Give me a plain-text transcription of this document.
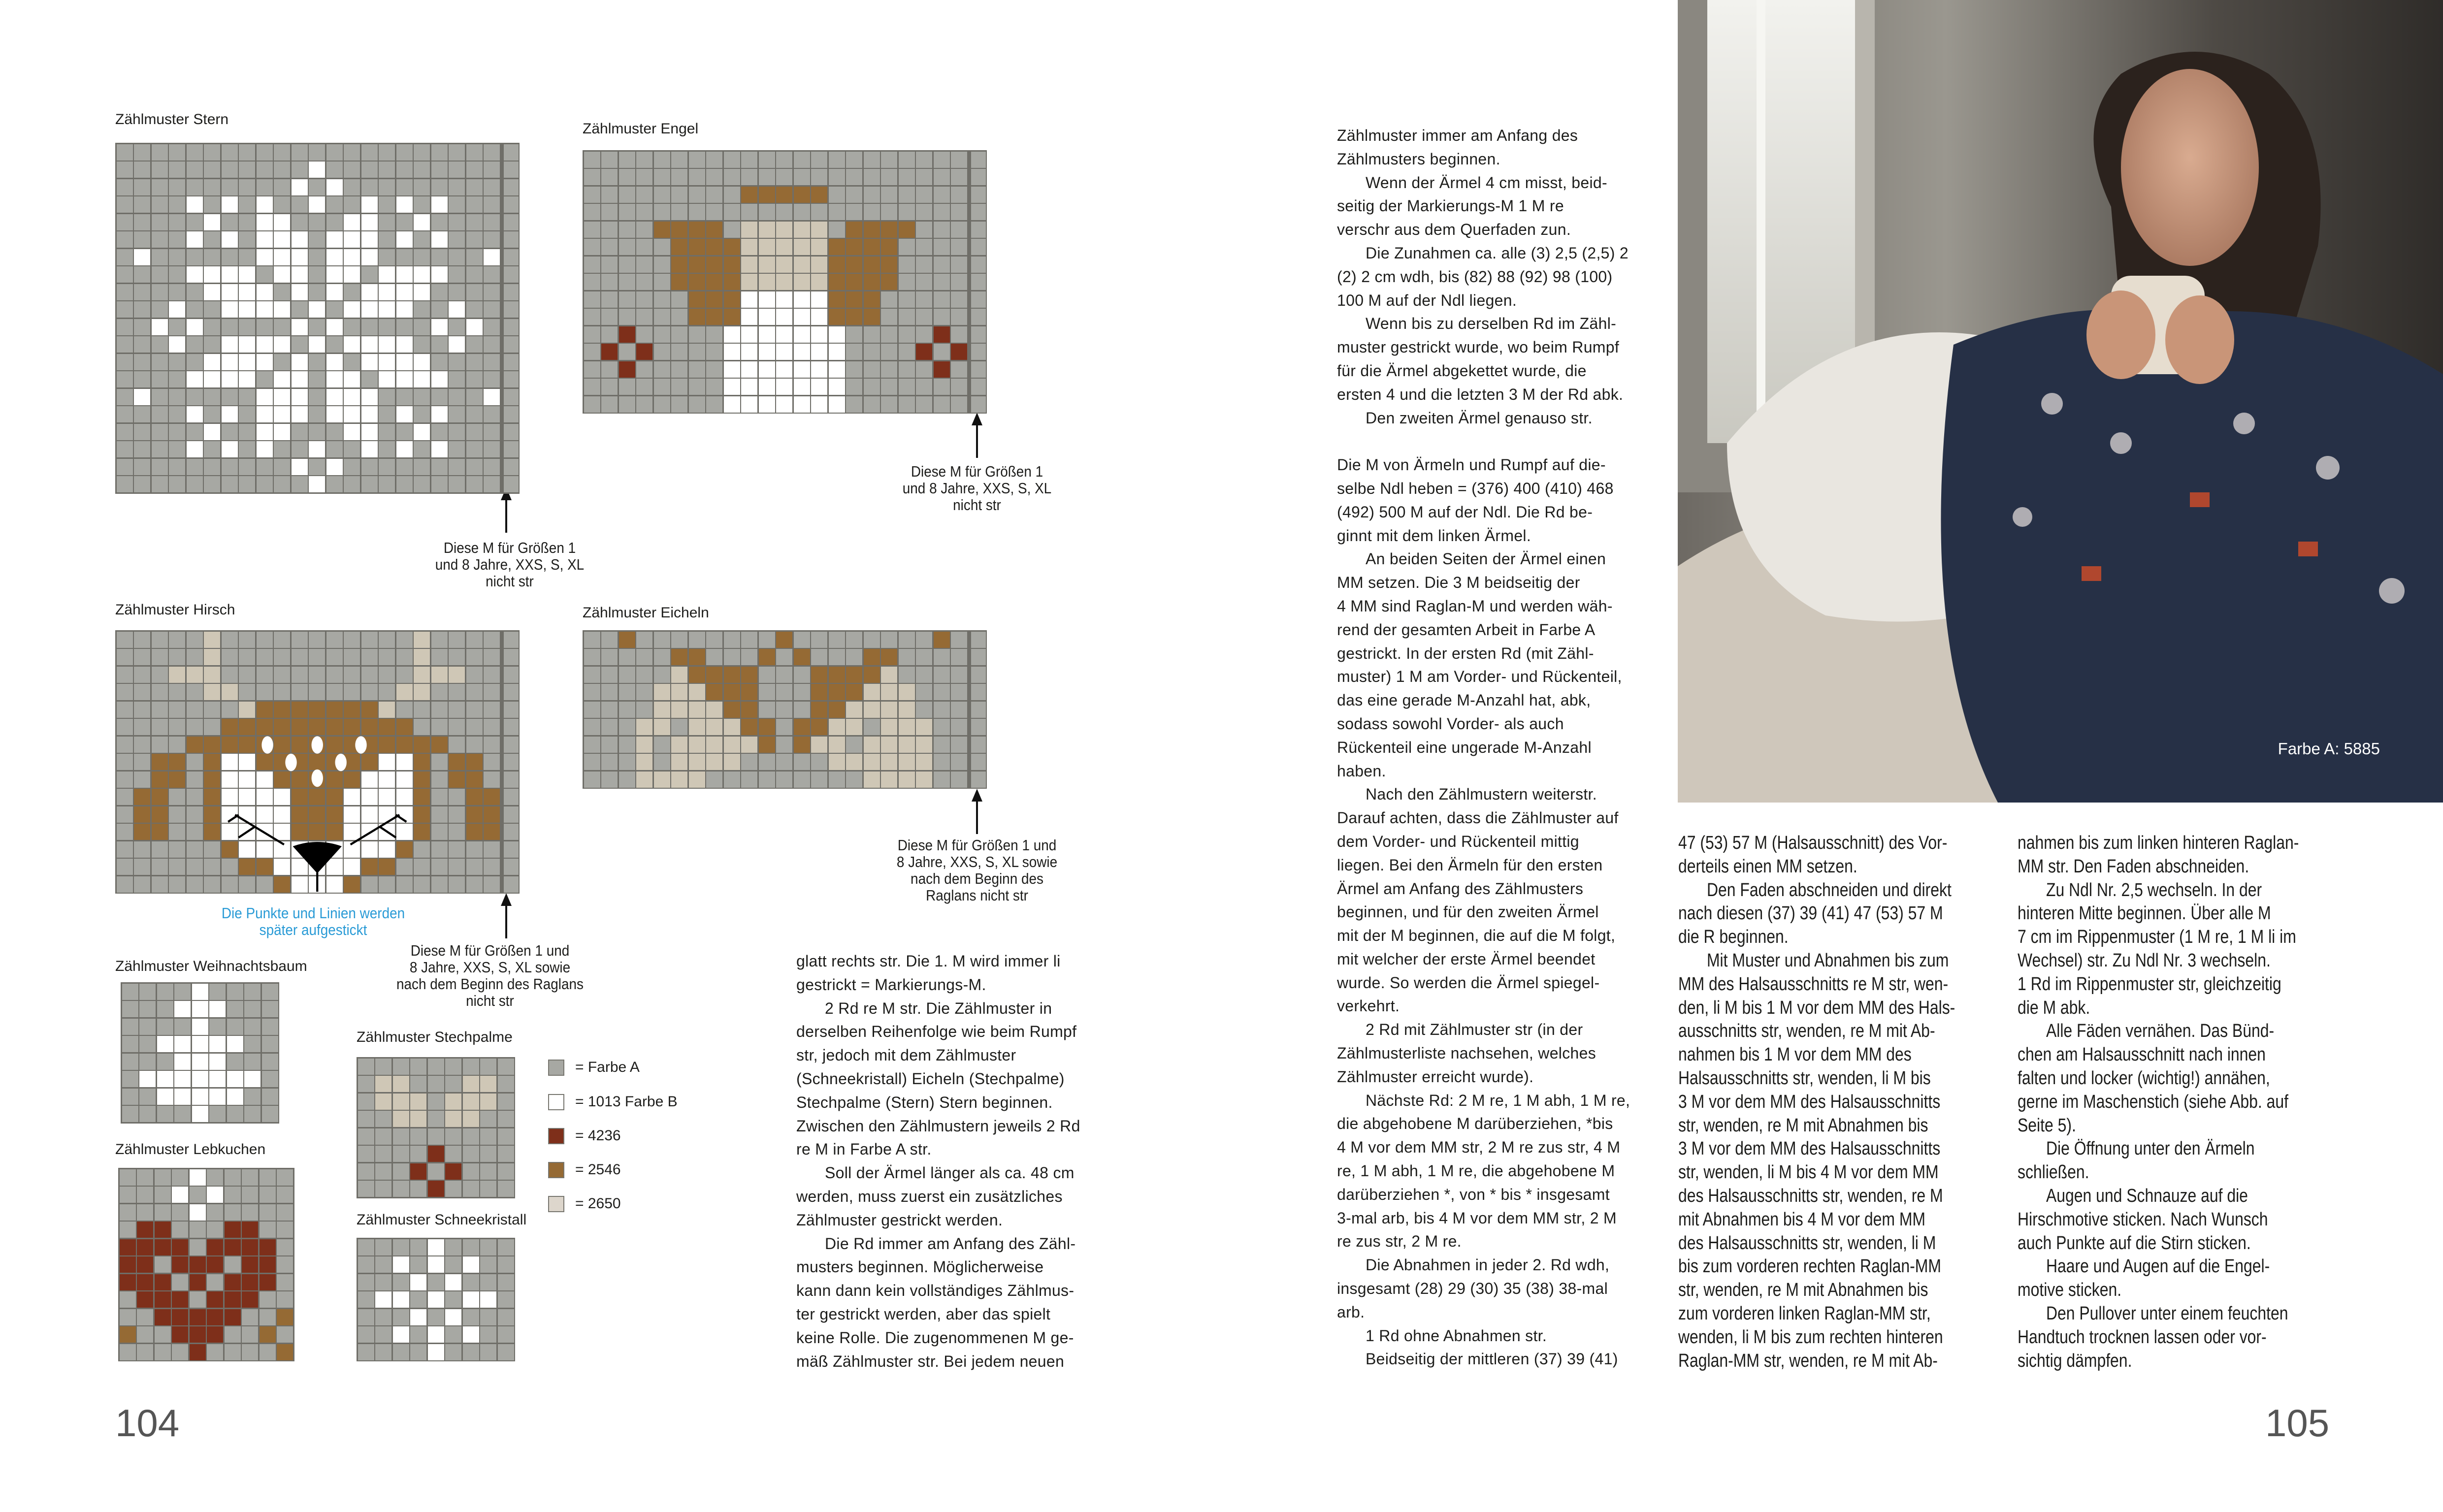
Zählmuster Stern
Zählmuster Engel
Zählmuster Hirsch	Zählmuster Eicheln
Zählmuster Weihnachtsbaum
Zählmuster Lebkuchen
Zählmuster Stechpalme
Zählmuster Schneekristall
Diese M für Größen 1
und 8 Jahre, XXS, S, XL
nicht str
Diese M für Größen 1
und 8 Jahre, XXS, S, XL
nicht str
Diese M für Größen 1 und
8 Jahre, XXS, S, XL sowie
nach dem Beginn des Raglans
nicht str
Diese M für Größen 1 und
8 Jahre, XXS, S, XL sowie
nach dem Beginn des
Raglans nicht str
Die Punkte und Linien werden
später aufgestickt
= Farbe A
= 1013 Farbe B
= 4236
= 2546
= 2650
glatt rechts str. Die 1. M wird immer li
gestrickt = Markierungs-M.
2 Rd re M str. Die Zählmuster in
derselben Reihenfolge wie beim Rumpf
str, jedoch mit dem Zählmuster
(Schneekristall) Eicheln (Stechpalme)
Stechpalme (Stern) Stern beginnen.
Zwischen den Zählmustern jeweils 2 Rd
re M in Farbe A str.
Soll der Ärmel länger als ca. 48 cm
werden, muss zuerst ein zusätzliches
Zählmuster gestrickt werden.
Die Rd immer am Anfang des Zähl-
musters beginnen. Möglicherweise
kann dann kein vollständiges Zählmus-
ter gestrickt werden, aber das spielt
keine Rolle. Die zugenommenen M ge-
mäß Zählmuster str. Bei jedem neuen
Zählmuster immer am Anfang des
Zählmusters beginnen.
Wenn der Ärmel 4 cm misst, beid-
seitig der Markierungs-M 1 M re
verschr aus dem Querfaden zun.
Die Zunahmen ca. alle (3) 2,5 (2,5) 2
(2) 2 cm wdh, bis (82) 88 (92) 98 (100)
100 M auf der Ndl liegen.
Wenn bis zu derselben Rd im Zähl-
muster gestrickt wurde, wo beim Rumpf
für die Ärmel abgekettet wurde, die
ersten 4 und die letzten 3 M der Rd abk.
Den zweiten Ärmel genauso str.
Die M von Ärmeln und Rumpf auf die-
selbe Ndl heben = (376) 400 (410) 468
(492) 500 M auf der Ndl. Die Rd be-
ginnt mit dem linken Ärmel.
An beiden Seiten der Ärmel einen
MM setzen. Die 3 M beidseitig der
4 MM sind Raglan-M und werden wäh-
rend der gesamten Arbeit in Farbe A
gestrickt. In der ersten Rd (mit Zähl-
muster) 1 M am Vorder- und Rückenteil,
das eine gerade M-Anzahl hat, abk,
sodass sowohl Vorder- als auch
Rückenteil eine ungerade M-Anzahl
haben.
Nach den Zählmustern weiterstr.
Darauf achten, dass die Zählmuster auf
dem Vorder- und Rückenteil mittig
liegen. Bei den Ärmeln für den ersten
Ärmel am Anfang des Zählmusters
beginnen, und für den zweiten Ärmel
mit der M beginnen, die auf die M folgt,
mit welcher der erste Ärmel beendet
wurde. So werden die Ärmel spiegel-
verkehrt.
2 Rd mit Zählmuster str (in der
Zählmusterliste nachsehen, welches
Zählmuster erreicht wurde).
Nächste Rd: 2 M re, 1 M abh, 1 M re,
die abgehobene M darüberziehen, *bis
4 M vor dem MM str, 2 M re zus str, 4 M
re, 1 M abh, 1 M re, die abgehobene M
darüberziehen *, von * bis * insgesamt
3-mal arb, bis 4 M vor dem MM str, 2 M
re zus str, 2 M re.
Die Abnahmen in jeder 2. Rd wdh,
insgesamt (28) 29 (30) 35 (38) 38-mal
arb.
1 Rd ohne Abnahmen str.
Beidseitig der mittleren (37) 39 (41)
47 (53) 57 M (Halsausschnitt) des Vor-
derteils einen MM setzen.
Den Faden abschneiden und direkt
nach diesen (37) 39 (41) 47 (53) 57 M
die R beginnen.
Mit Muster und Abnahmen bis zum
MM des Halsausschnitts re M str, wen-
den, li M bis 1 M vor dem MM des Hals-
ausschnitts str, wenden, re M mit Ab-
nahmen bis 1 M vor dem MM des
Halsausschnitts str, wenden, li M bis
3 M vor dem MM des Halsausschnitts
str, wenden, re M mit Abnahmen bis
3 M vor dem MM des Halsausschnitts
str, wenden, li M bis 4 M vor dem MM
des Halsausschnitts str, wenden, re M
mit Abnahmen bis 4 M vor dem MM
des Halsausschnitts str, wenden, li M
bis zum vorderen rechten Raglan-MM
str, wenden, re M mit Abnahmen bis
zum vorderen linken Raglan-MM str,
wenden, li M bis zum rechten hinteren
Raglan-MM str, wenden, re M mit Ab-
nahmen bis zum linken hinteren Raglan-
MM str. Den Faden abschneiden.
Zu Ndl Nr. 2,5 wechseln. In der
hinteren Mitte beginnen. Über alle M
7 cm im Rippenmuster (1 M re, 1 M li im
Wechsel) str. Zu Ndl Nr. 3 wechseln.
1 Rd im Rippenmuster str, gleichzeitig
die M abk.
Alle Fäden vernähen. Das Bünd-
chen am Halsausschnitt nach innen
falten und locker (wichtig!) annähen,
gerne im Maschenstich (siehe Abb. auf
Seite 5).
Die Öffnung unter den Ärmeln
schließen.
Augen und Schnauze auf die
Hirschmotive sticken. Nach Wunsch
auch Punkte auf die Stirn sticken.
Haare und Augen auf die Engel-
motive sticken.
Den Pullover unter einem feuchten
Handtuch trocknen lassen oder vor-
sichtig dämpfen.
Farbe A: 5885
104	105
